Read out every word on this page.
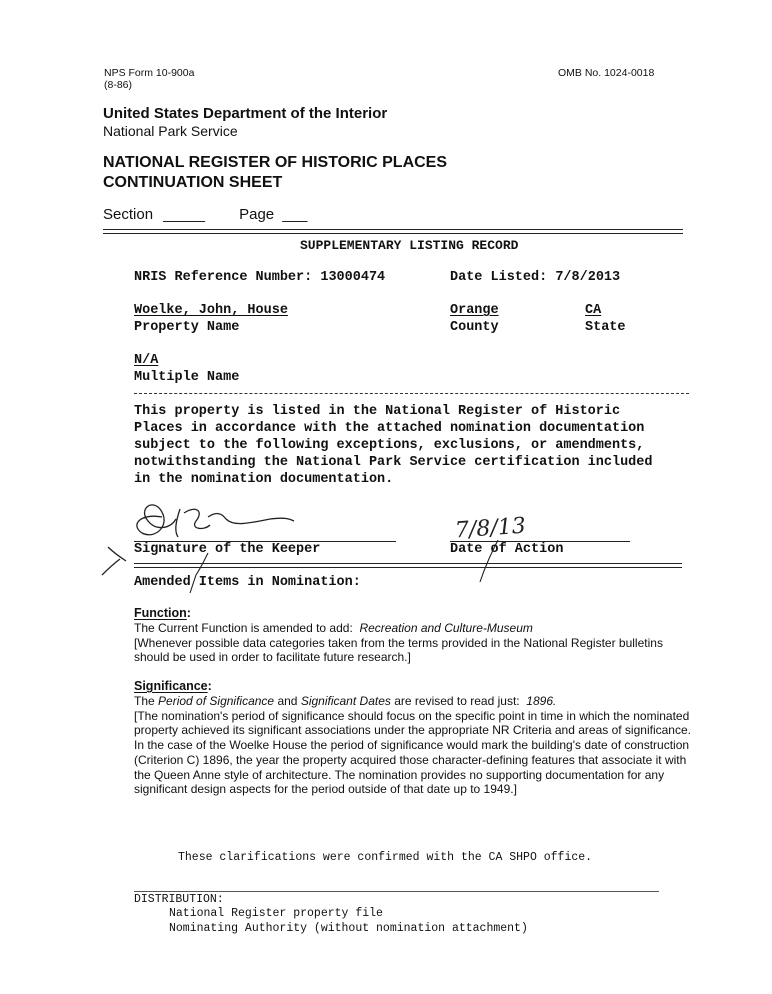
NPS Form 10-900a
(8-86)
OMB No. 1024-0018
United States Department of the Interior
National Park Service
NATIONAL REGISTER OF HISTORIC PLACES
CONTINUATION SHEET
Section _____ Page ___
SUPPLEMENTARY LISTING RECORD
NRIS Reference Number: 13000474	Date Listed: 7/8/2013
Woelke, John, House
Property Name
Orange
County
CA
State
N/A
Multiple Name
This property is listed in the National Register of Historic
Places in accordance with the attached nomination documentation
subject to the following exceptions, exclusions, or amendments,
notwithstanding the National Park Service certification included
in the nomination documentation.
Signature of the Keeper
7/8/13
Date of Action
Amended Items in Nomination:
Function:
The Current Function is amended to add: Recreation and Culture-Museum
[Whenever possible data categories taken from the terms provided in the National Register bulletins
should be used in order to facilitate future research.]
Significance:
The Period of Significance and Significant Dates are revised to read just: 1896.
[The nomination's period of significance should focus on the specific point in time in which the nominated
property achieved its significant associations under the appropriate NR Criteria and areas of significance.
In the case of the Woelke House the period of significance would mark the building's date of construction
(Criterion C) 1896, the year the property acquired those character-defining features that associate it with
the Queen Anne style of architecture. The nomination provides no supporting documentation for any
significant design aspects for the period outside of that date up to 1949.]
These clarifications were confirmed with the CA SHPO office.
DISTRIBUTION:
National Register property file
Nominating Authority (without nomination attachment)
